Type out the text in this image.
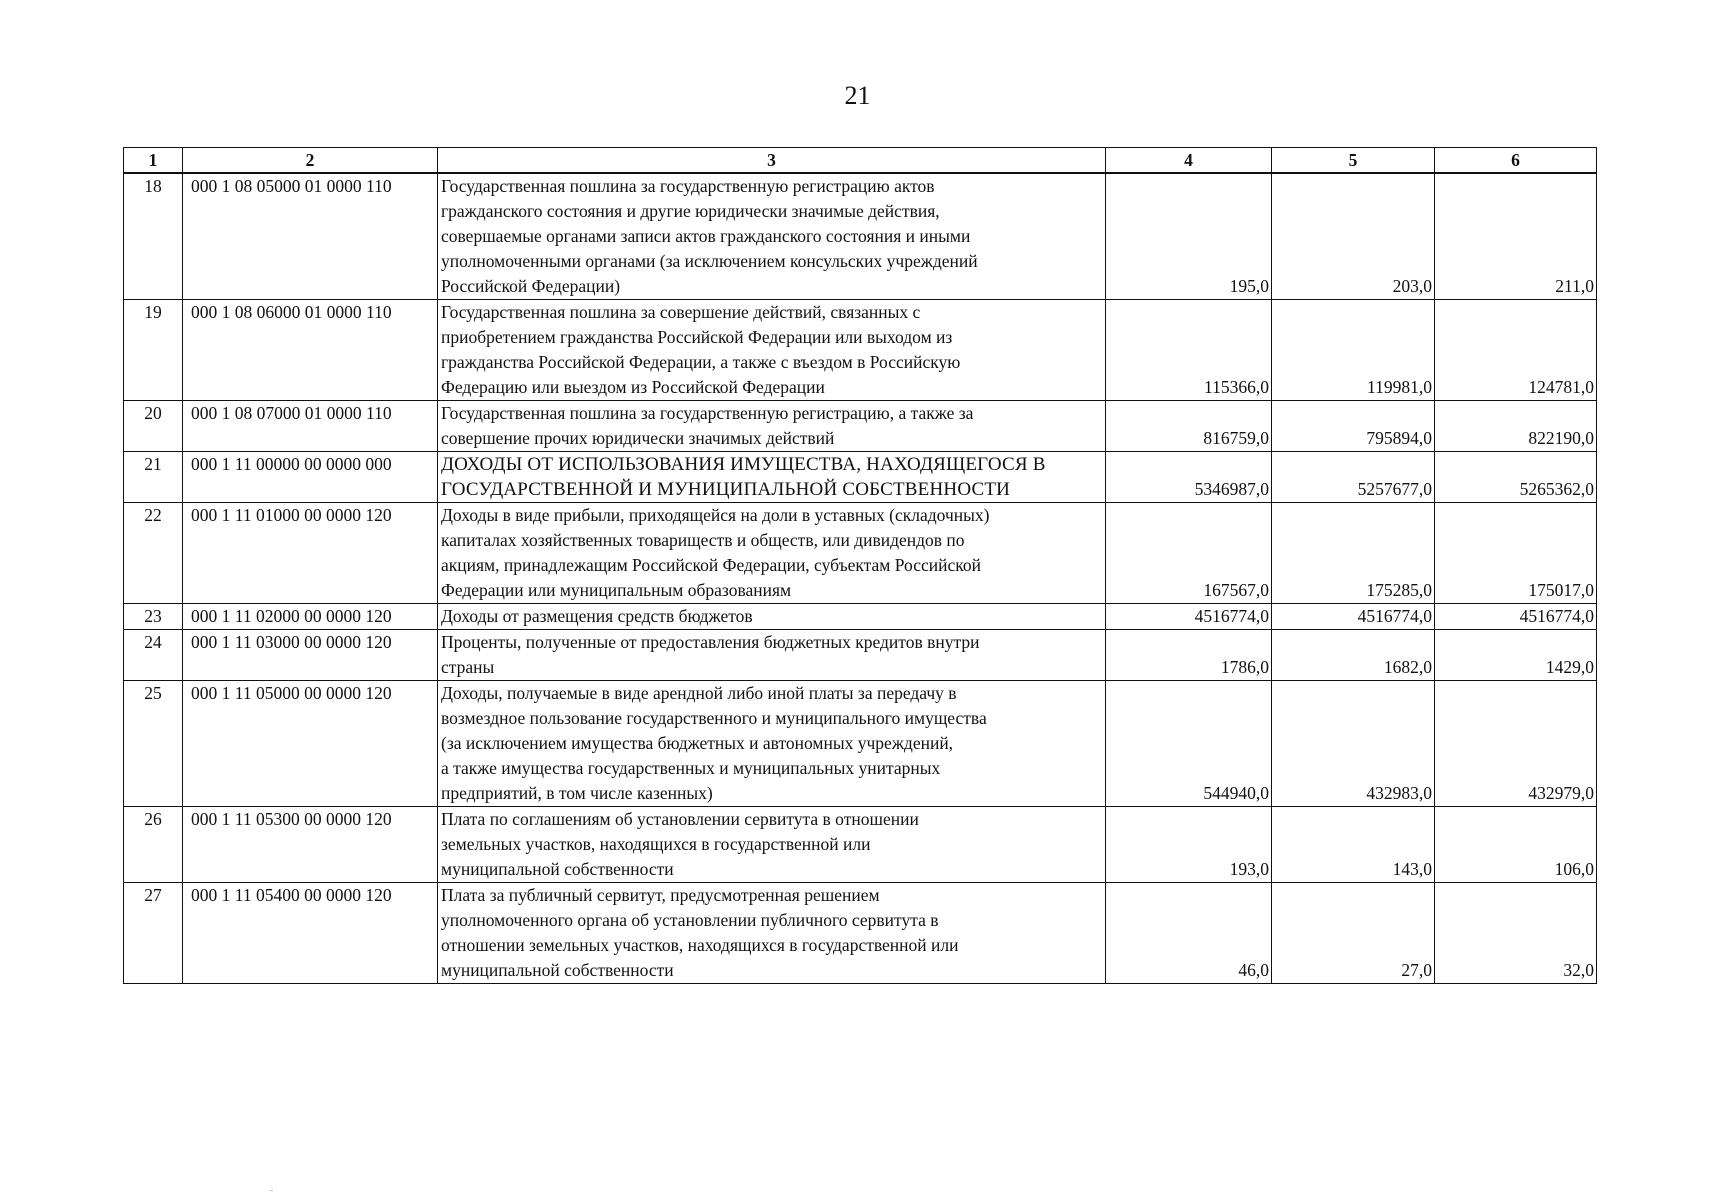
21
1	2	3	4	5	6
18	000 1 08 05000 01 0000 110	Государственная пошлина за государственную регистрацию актов
гражданского состояния и другие юридически значимые действия,
совершаемые органами записи актов гражданского состояния и иными
уполномоченными органами (за исключением консульских учреждений
Российской Федерации)	195,0	203,0	211,0
19	000 1 08 06000 01 0000 110	Государственная пошлина за совершение действий, связанных с
приобретением гражданства Российской Федерации или выходом из
гражданства Российской Федерации, а также с въездом в Российскую
Федерацию или выездом из Российской Федерации	115366,0	119981,0	124781,0
20	000 1 08 07000 01 0000 110	Государственная пошлина за государственную регистрацию, а также за
совершение прочих юридически значимых действий	816759,0	795894,0	822190,0
21	000 1 11 00000 00 0000 000	ДОХОДЫ ОТ ИСПОЛЬЗОВАНИЯ ИМУЩЕСТВА, НАХОДЯЩЕГОСЯ В
ГОСУДАРСТВЕННОЙ И МУНИЦИПАЛЬНОЙ СОБСТВЕННОСТИ	5346987,0	5257677,0	5265362,0
22	000 1 11 01000 00 0000 120	Доходы в виде прибыли, приходящейся на доли в уставных (складочных)
капиталах хозяйственных товариществ и обществ, или дивидендов по
акциям, принадлежащим Российской Федерации, субъектам Российской
Федерации или муниципальным образованиям	167567,0	175285,0	175017,0
23	000 1 11 02000 00 0000 120	Доходы от размещения средств бюджетов	4516774,0	4516774,0	4516774,0
24	000 1 11 03000 00 0000 120	Проценты, полученные от предоставления бюджетных кредитов внутри
страны	1786,0	1682,0	1429,0
25	000 1 11 05000 00 0000 120	Доходы, получаемые в виде арендной либо иной платы за передачу в
возмездное пользование государственного и муниципального имущества
(за исключением имущества бюджетных и автономных учреждений,
а также имущества государственных и муниципальных унитарных
предприятий, в том числе казенных)	544940,0	432983,0	432979,0
26	000 1 11 05300 00 0000 120	Плата по соглашениям об установлении сервитута в отношении
земельных участков, находящихся в государственной или
муниципальной собственности	193,0	143,0	106,0
27	000 1 11 05400 00 0000 120	Плата за публичный сервитут, предусмотренная решением
уполномоченного органа об установлении публичного сервитута в
отношении земельных участков, находящихся в государственной или
муниципальной собственности	46,0	27,0	32,0
